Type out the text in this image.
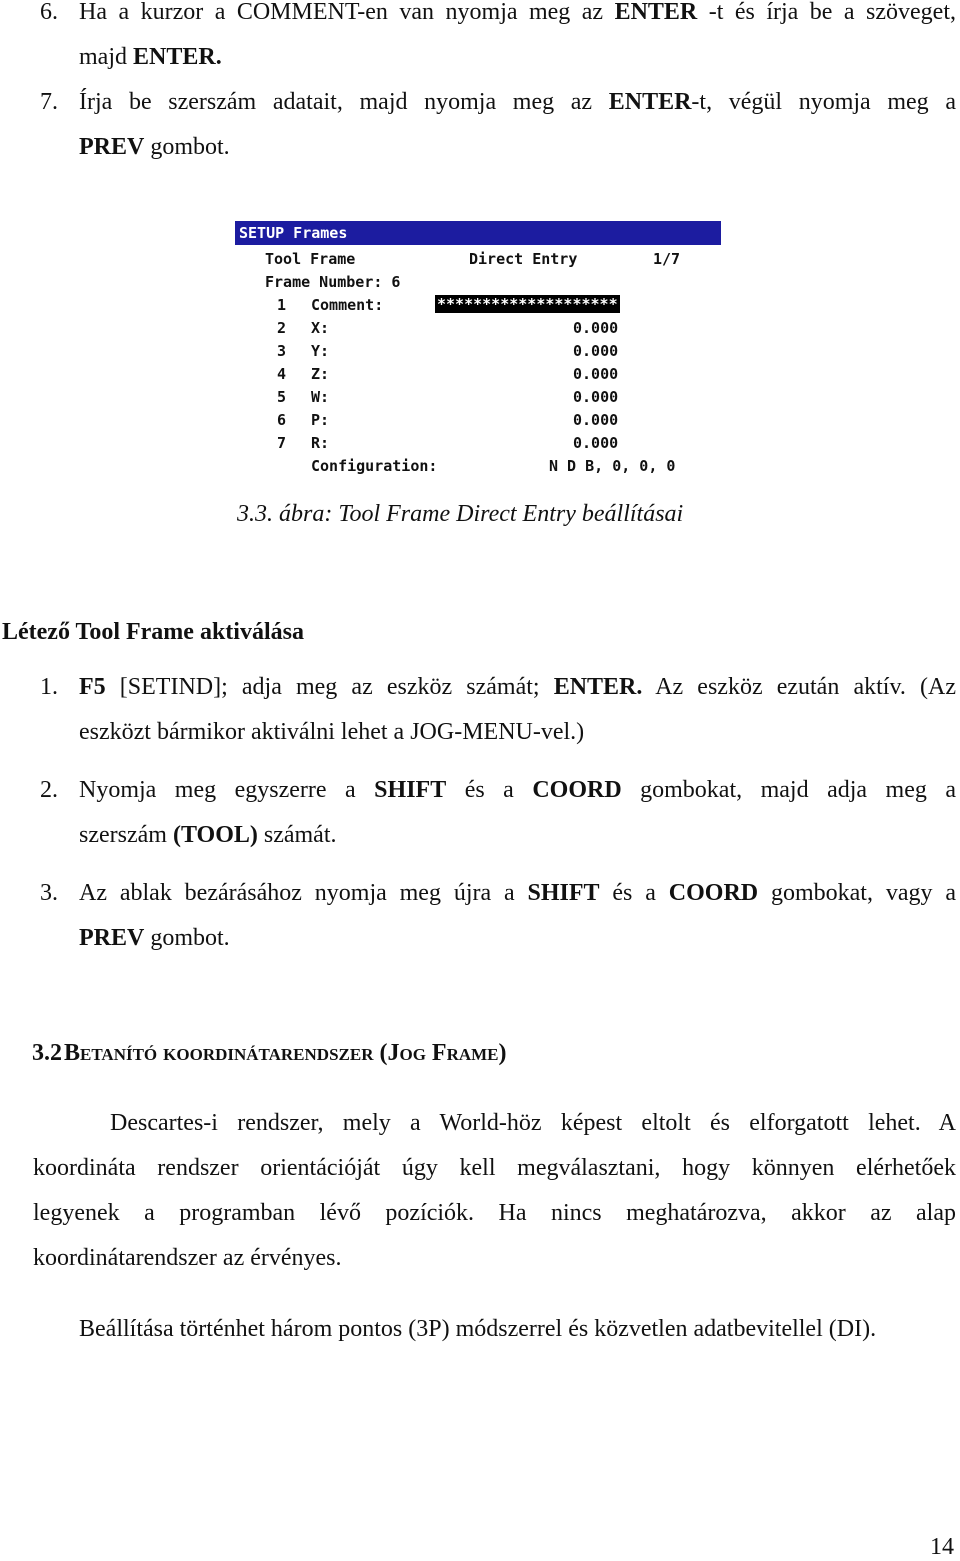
6. Ha a kurzor a COMMENT-en van nyomja meg az ENTER -t és írja be a szöveget,
majd ENTER.
7. Írja be szerszám adatait, majd nyomja meg az ENTER-t, végül nyomja meg a
PREV gombot.
SETUP Frames
Tool Frame	Direct Entry	1/7
Frame Number: 6
1 Comment:	********************
2 X:	0.000
3 Y:	0.000
4 Z:	0.000
5 W:	0.000
6 P:	0.000
7 R:	0.000
Configuration:	N D B, 0, 0, 0
3.3. ábra: Tool Frame Direct Entry beállításai
Létező Tool Frame aktiválása
1. F5 [SETIND]; adja meg az eszköz számát; ENTER. Az eszköz ezután aktív. (Az
eszközt bármikor aktiválni lehet a JOG-MENU-vel.)
2. Nyomja meg egyszerre a SHIFT és a COORD gombokat, majd adja meg a
szerszám (TOOL) számát.
3. Az ablak bezárásához nyomja meg újra a SHIFT és a COORD gombokat, vagy a
PREV gombot.
3.2 Betanító koordinátarendszer (Jog Frame)
Descartes-i rendszer, mely a World-höz képest eltolt és elforgatott lehet. A
koordináta rendszer orientációját úgy kell megválasztani, hogy könnyen elérhetőek
legyenek a programban lévő pozíciók. Ha nincs meghatározva, akkor az alap
koordinátarendszer az érvényes.
Beállítása történhet három pontos (3P) módszerrel és közvetlen adatbevitellel (DI).
14
